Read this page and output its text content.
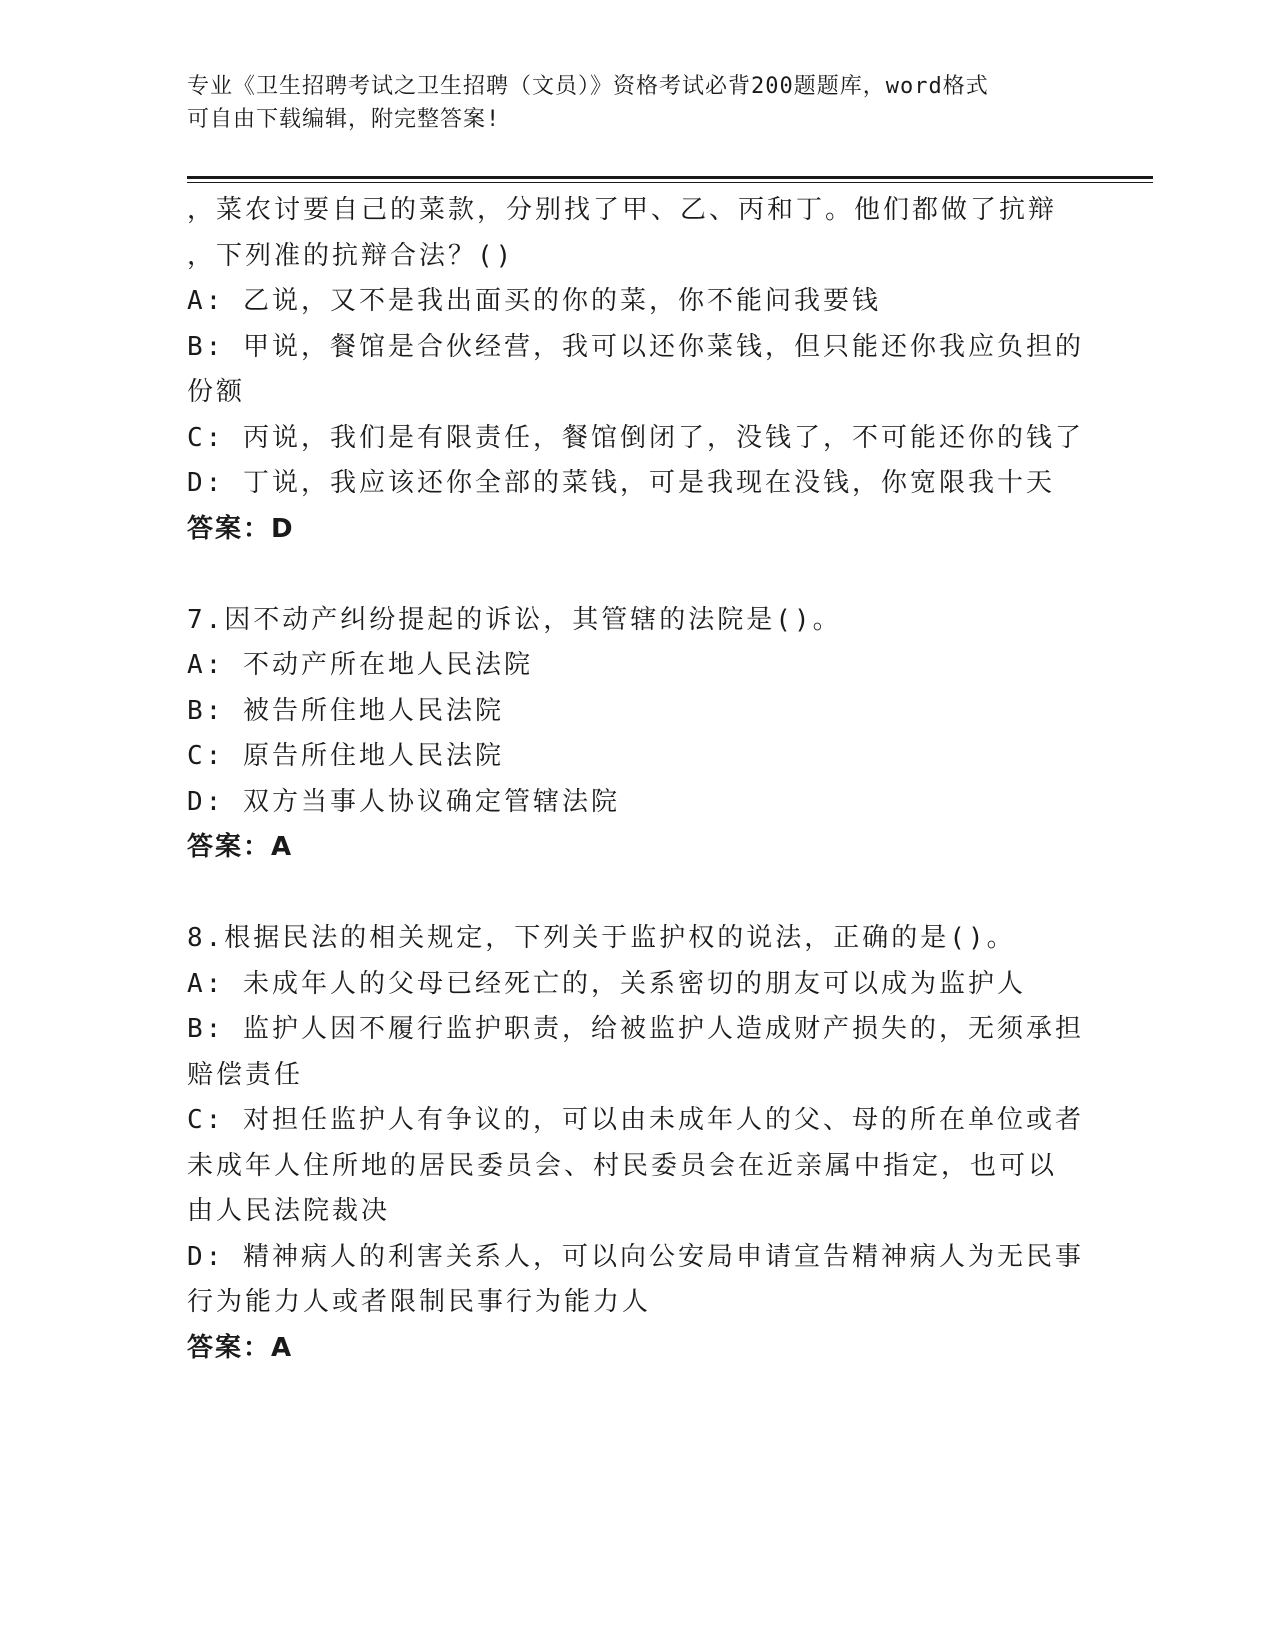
专业《卫生招聘考试之卫生招聘（文员）》资格考试必背200题题库，word格式
可自由下载编辑，附完整答案!
，菜农讨要自己的菜款，分别找了甲、乙、丙和丁。他们都做了抗辩
，下列准的抗辩合法？()
A: 乙说，又不是我出面买的你的菜，你不能问我要钱
B: 甲说，餐馆是合伙经营，我可以还你菜钱，但只能还你我应负担的
份额
C: 丙说，我们是有限责任，餐馆倒闭了，没钱了，不可能还你的钱了
D: 丁说，我应该还你全部的菜钱，可是我现在没钱，你宽限我十天
答案：D
7.因不动产纠纷提起的诉讼，其管辖的法院是()。
A: 不动产所在地人民法院
B: 被告所住地人民法院
C: 原告所住地人民法院
D: 双方当事人协议确定管辖法院
答案：A
8.根据民法的相关规定，下列关于监护权的说法，正确的是()。
A: 未成年人的父母已经死亡的，关系密切的朋友可以成为监护人
B: 监护人因不履行监护职责，给被监护人造成财产损失的，无须承担
赔偿责任
C: 对担任监护人有争议的，可以由未成年人的父、母的所在单位或者
未成年人住所地的居民委员会、村民委员会在近亲属中指定，也可以
由人民法院裁决
D: 精神病人的利害关系人，可以向公安局申请宣告精神病人为无民事
行为能力人或者限制民事行为能力人
答案：A
